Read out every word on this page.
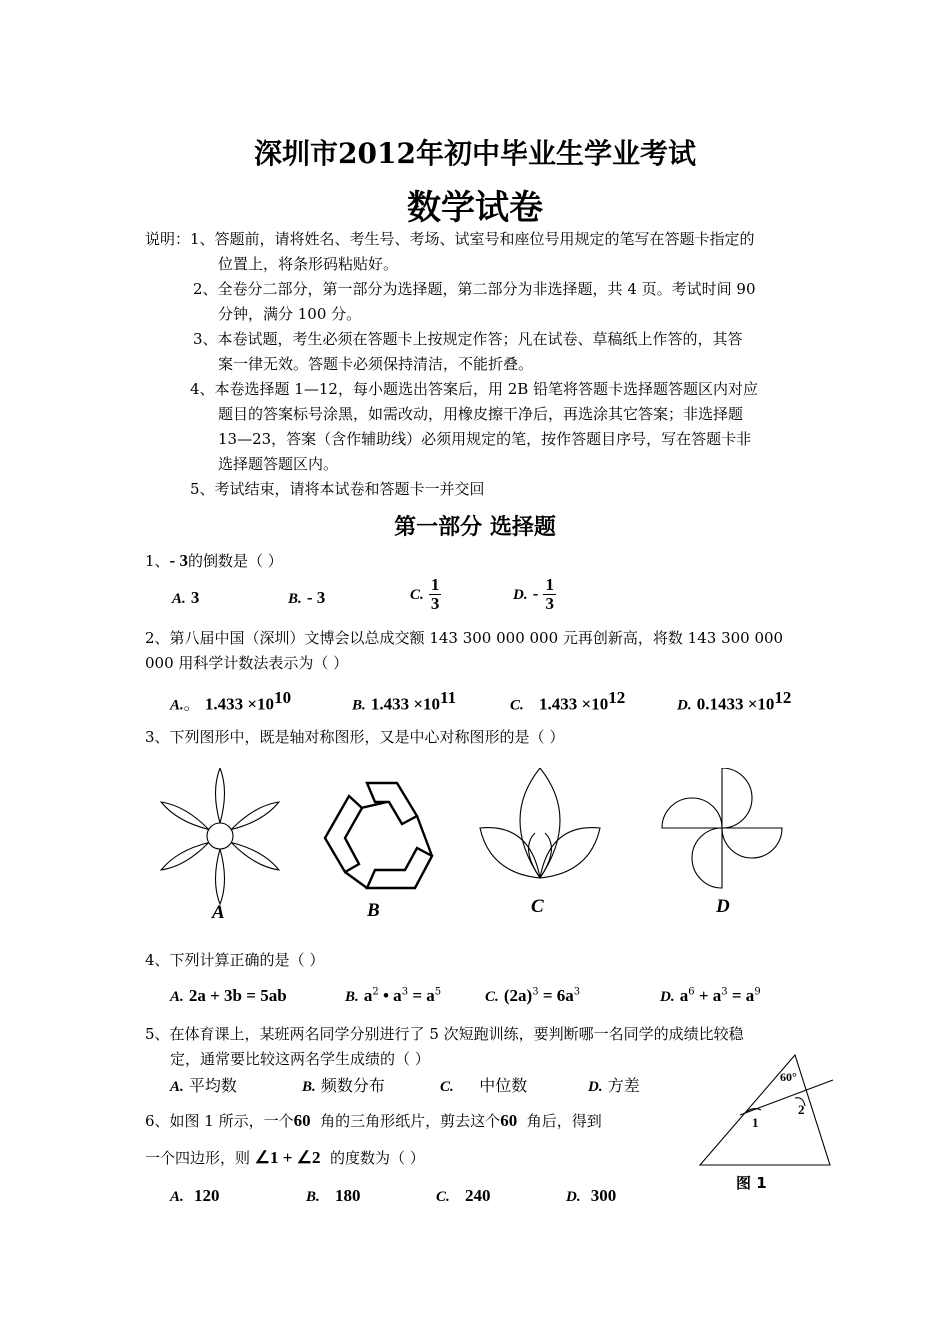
深圳市2012年初中毕业生学业考试
数学试卷
说明：1、答题前，请将姓名、考生号、考场、试室号和座位号用规定的笔写在答题卡指定的
位置上，将条形码粘贴好。
2、全卷分二部分，第一部分为选择题，第二部分为非选择题，共 4 页。考试时间 90
分钟，满分 100 分。
3、本卷试题，考生必须在答题卡上按规定作答；凡在试卷、草稿纸上作答的，其答
案一律无效。答题卡必须保持清洁，不能折叠。
4、本卷选择题 1—12，每小题选出答案后，用 2B 铅笔将答题卡选择题答题区内对应
题目的答案标号涂黑，如需改动，用橡皮擦干净后，再选涂其它答案；非选择题
13—23，答案（含作辅助线）必须用规定的笔，按作答题目序号，写在答题卡非
选择题答题区内。
5、考试结束，请将本试卷和答题卡一并交回
第一部分 选择题
1、- 3的倒数是（ ）
A. 3	B. - 3	C. $\frac{1}{3}$	D. - $\frac{1}{3}$
2、第八届中国（深圳）文博会以总成交额 143 300 000 000 元再创新高，将数 143 300 000
000 用科学计数法表示为（ ）
A.。 $1.433 \times 10^{10}$	B. $1.433 \times 10^{11}$	C. $1.433 \times 10^{12}$	D. $0.1433 \times 10^{12}$
3、下列图形中，既是轴对称图形，又是中心对称图形的是（ ）
A	B	C	D
4、下列计算正确的是（ ）
A. 2a + 3b = 5ab	B. $a^2$ • $a^3 = a^5$	C. $(2a)^3 = 6a^3$	D. $a^6 + a^3 = a^9$
5、在体育课上，某班两名同学分别进行了 5 次短跑训练，要判断哪一名同学的成绩比较稳
定，通常要比较这两名学生成绩的（ ）
A. 平均数	B. 频数分布	C. 中位数	D. 方差
6、如图 1 所示，一个60 角的三角形纸片，剪去这个60 角后，得到
一个四边形，则 ∠1 + ∠2 的度数为（ ）
A. 120	B. 180	C. 240	D. 300
60°
1
2
图 1
